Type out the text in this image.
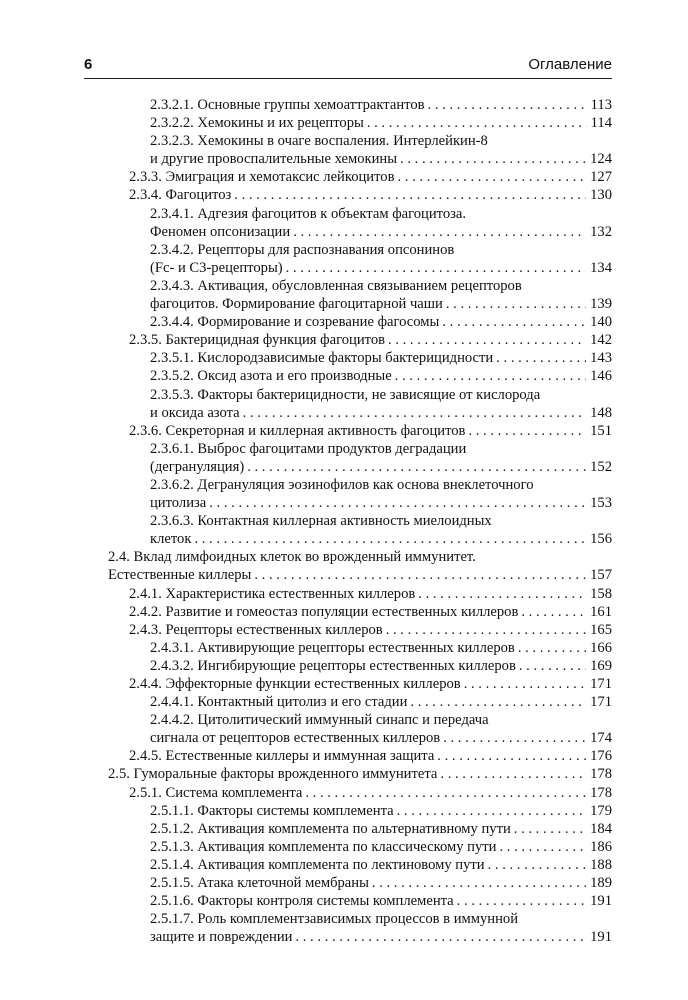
6	Оглавление
2.3.2.1. Основные группы хемоаттрактантов . . .	113
2.3.2.2. Хемокины и их рецепторы . . .	114
2.3.2.3. Хемокины в очаге воспаления. Интерлейкин-8
и другие провоспалительные хемокины . . .	124
2.3.3. Эмиграция и хемотаксис лейкоцитов . . .	127
2.3.4. Фагоцитоз . . .	130
2.3.4.1. Адгезия фагоцитов к объектам фагоцитоза.
Феномен опсонизации . . .	132
2.3.4.2. Рецепторы для распознавания опсонинов
(Fc- и С3-рецепторы) . . .	134
2.3.4.3. Активация, обусловленная связыванием рецепторов
фагоцитов. Формирование фагоцитарной чаши . . .	139
2.3.4.4. Формирование и созревание фагосомы . . .	140
2.3.5. Бактерицидная функция фагоцитов . . .	142
2.3.5.1. Кислородзависимые факторы бактерицидности . . .	143
2.3.5.2. Оксид азота и его производные . . .	146
2.3.5.3. Факторы бактерицидности, не зависящие от кислорода
и оксида азота . . .	148
2.3.6. Секреторная и киллерная активность фагоцитов . . .	151
2.3.6.1. Выброс фагоцитами продуктов деградации
(дегрануляция) . . .	152
2.3.6.2. Дегрануляция эозинофилов как основа внеклеточного
цитолиза . . .	153
2.3.6.3. Контактная киллерная активность миелоидных
клеток . . .	156
2.4. Вклад лимфоидных клеток во врожденный иммунитет.
Естественные киллеры . . .	157
2.4.1. Характеристика естественных киллеров . . .	158
2.4.2. Развитие и гомеостаз популяции естественных киллеров . . .	161
2.4.3. Рецепторы естественных киллеров . . .	165
2.4.3.1. Активирующие рецепторы естественных киллеров . . .	166
2.4.3.2. Ингибирующие рецепторы естественных киллеров . . .	169
2.4.4. Эффекторные функции естественных киллеров . . .	171
2.4.4.1. Контактный цитолиз и его стадии . . .	171
2.4.4.2. Цитолитический иммунный синапс и передача
сигнала от рецепторов естественных киллеров . . .	174
2.4.5. Естественные киллеры и иммунная защита . . .	176
2.5. Гуморальные факторы врожденного иммунитета . . .	178
2.5.1. Система комплемента . . .	178
2.5.1.1. Факторы системы комплемента . . .	179
2.5.1.2. Активация комплемента по альтернативному пути . . .	184
2.5.1.3. Активация комплемента по классическому пути . . .	186
2.5.1.4. Активация комплемента по лектиновому пути . . .	188
2.5.1.5. Атака клеточной мембраны . . .	189
2.5.1.6. Факторы контроля системы комплемента . . .	191
2.5.1.7. Роль комплементзависимых процессов в иммунной
защите и повреждении . . .	191
